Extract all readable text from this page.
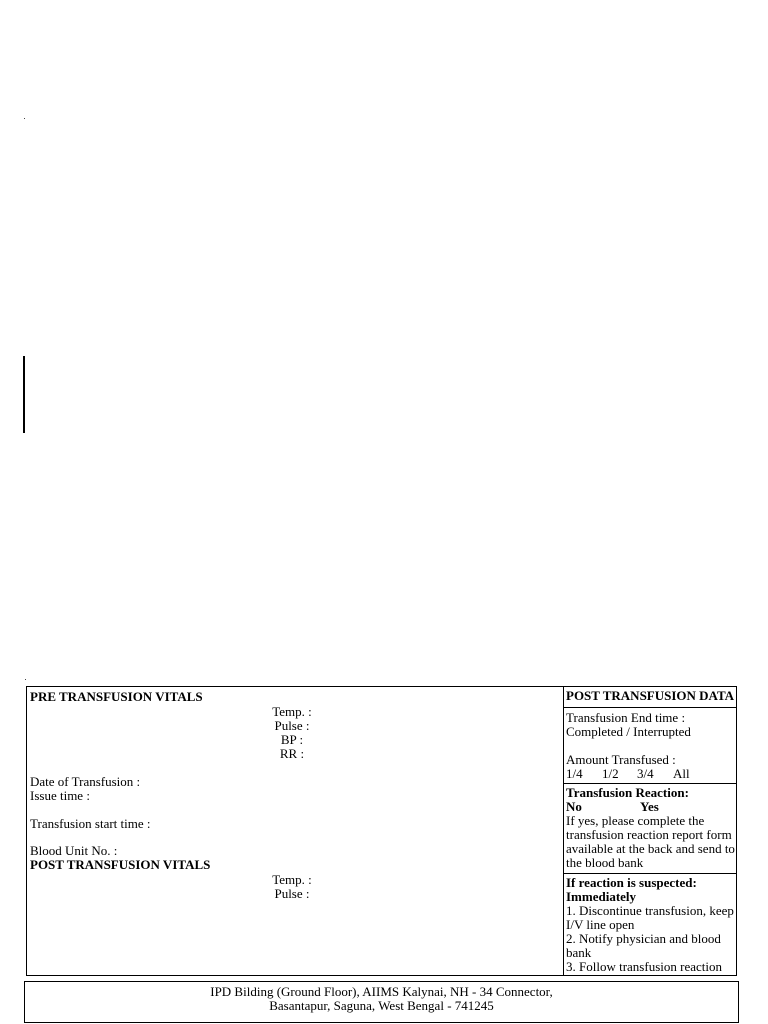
PRE TRANSFUSION VITALS
Temp. :
Pulse :
BP :
RR :
Date of Transfusion :
Issue time :
Transfusion start time :
Blood Unit No. :
POST TRANSFUSION VITALS
Temp. :
Pulse :
POST TRANSFUSION DATA
Transfusion End time :
Completed / Interrupted
Amount Transfused :
1/4 1/2 3/4 All
Transfusion Reaction:
No	Yes
If yes, please complete the transfusion reaction report form available at the back and send to the blood bank
If reaction is suspected:
Immediately
1. Discontinue transfusion, keep I/V line open
2. Notify physician and blood bank
3. Follow transfusion reaction
IPD Bilding (Ground Floor), AIIMS Kalynai, NH - 34 Connector,
Basantapur, Saguna, West Bengal - 741245
